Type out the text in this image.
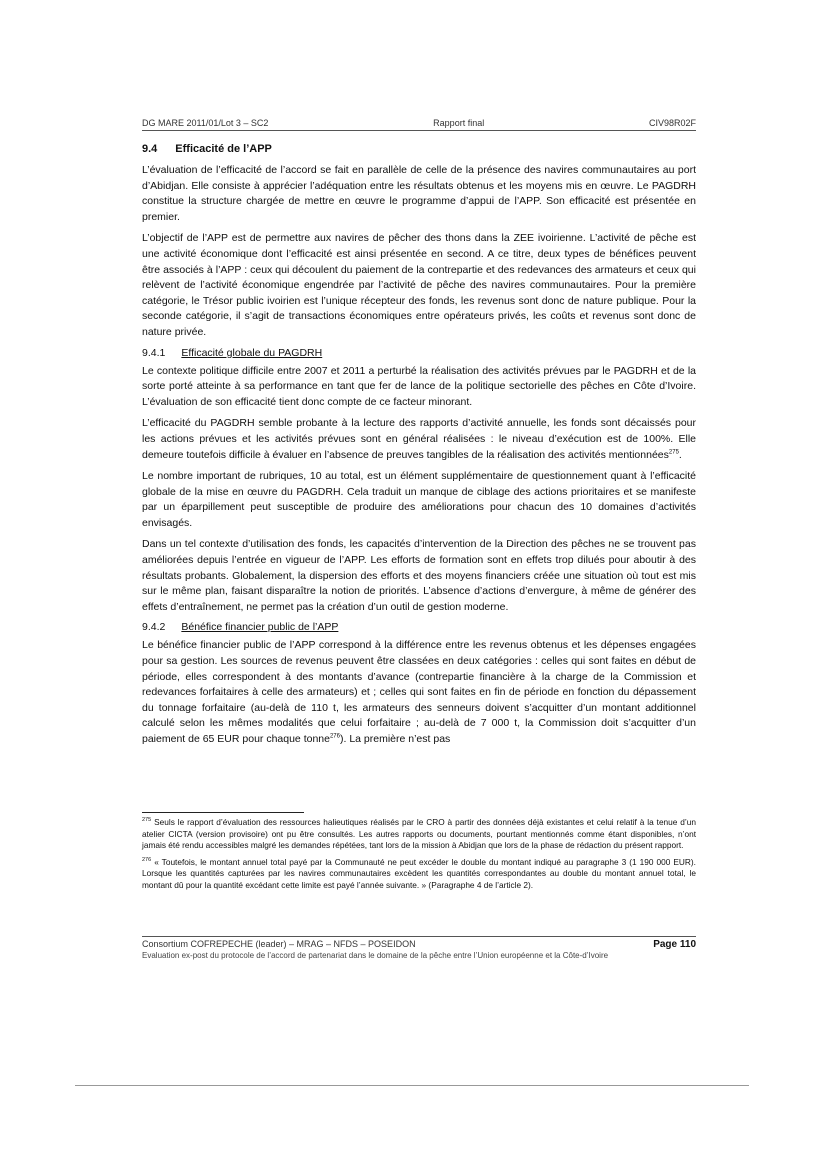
DG MARE 2011/01/Lot 3 – SC2	Rapport final	CIV98R02F
9.4 Efficacité de l’APP

L’évaluation de l’efficacité de l’accord se fait en parallèle de celle de la présence des navires communautaires au port d’Abidjan. Elle consiste à apprécier l’adéquation entre les résultats obtenus et les moyens mis en œuvre. Le PAGDRH constitue la structure chargée de mettre en œuvre le programme d’appui de l’APP. Son efficacité est présentée en premier.

L’objectif de l’APP est de permettre aux navires de pêcher des thons dans la ZEE ivoirienne. L’activité de pêche est une activité économique dont l’efficacité est ainsi présentée en second. A ce titre, deux types de bénéfices peuvent être associés à l’APP : ceux qui découlent du paiement de la contrepartie et des redevances des armateurs et ceux qui relèvent de l’activité économique engendrée par l’activité de pêche des navires communautaires. Pour la première catégorie, le Trésor public ivoirien est l’unique récepteur des fonds, les revenus sont donc de nature publique. Pour la seconde catégorie, il s’agit de transactions économiques entre opérateurs privés, les coûts et revenus sont donc de nature privée.

9.4.1 Efficacité globale du PAGDRH

Le contexte politique difficile entre 2007 et 2011 a perturbé la réalisation des activités prévues par le PAGDRH et de la sorte porté atteinte à sa performance en tant que fer de lance de la politique sectorielle des pêches en Côte d’Ivoire. L’évaluation de son efficacité tient donc compte de ce facteur minorant.

L’efficacité du PAGDRH semble probante à la lecture des rapports d’activité annuelle, les fonds sont décaissés pour les actions prévues et les activités prévues sont en général réalisées : le niveau d’exécution est de 100%. Elle demeure toutefois difficile à évaluer en l’absence de preuves tangibles de la réalisation des activités mentionnées$^{275}$.

Le nombre important de rubriques, 10 au total, est un élément supplémentaire de questionnement quant à l’efficacité globale de la mise en œuvre du PAGDRH. Cela traduit un manque de ciblage des actions prioritaires et se manifeste par un éparpillement peut susceptible de produire des améliorations pour chacun des 10 domaines d’activités envisagés.

Dans un tel contexte d’utilisation des fonds, les capacités d’intervention de la Direction des pêches ne se trouvent pas améliorées depuis l’entrée en vigueur de l’APP. Les efforts de formation sont en effets trop dilués pour aboutir à des résultats probants. Globalement, la dispersion des efforts et des moyens financiers créée une situation où tout est mis sur le même plan, faisant disparaître la notion de priorités. L’absence d’actions d’envergure, à même de générer des effets d’entraînement, ne permet pas la création d’un outil de gestion moderne.

9.4.2 Bénéfice financier public de l’APP

Le bénéfice financier public de l’APP correspond à la différence entre les revenus obtenus et les dépenses engagées pour sa gestion. Les sources de revenus peuvent être classées en deux catégories : celles qui sont faites en début de période, elles correspondent à des montants d’avance (contrepartie financière à la charge de la Commission et redevances forfaitaires à celle des armateurs) et ; celles qui sont faites en fin de période en fonction du dépassement du tonnage forfaitaire (au-delà de 110 t, les armateurs des senneurs doivent s’acquitter d’un montant additionnel calculé selon les mêmes modalités que celui forfaitaire ; au-delà de 7 000 t, la Commission doit s’acquitter d’un paiement de 65 EUR pour chaque tonne$^{276}$). La première n’est pas

$^{275}$ Seuls le rapport d’évaluation des ressources halieutiques réalisés par le CRO à partir des données déjà existantes et celui relatif à la tenue d’un atelier CICTA (version provisoire) ont pu être consultés. Les autres rapports ou documents, pourtant mentionnés comme étant disponibles, n’ont jamais été rendu accessibles malgré les demandes répétées, tant lors de la mission à Abidjan que lors de la phase de rédaction du présent rapport.

$^{276}$ « Toutefois, le montant annuel total payé par la Communauté ne peut excéder le double du montant indiqué au paragraphe 3 (1 190 000 EUR). Lorsque les quantités capturées par les navires communautaires excèdent les quantités correspondantes au double du montant annuel total, le montant dû pour la quantité excédant cette limite est payé l’année suivante. » (Paragraphe 4 de l’article 2).

Consortium COFREPECHE (leader) – MRAG – NFDS – POSEIDON	Page 110
Evaluation ex-post du protocole de l’accord de partenariat dans le domaine de la pêche entre l’Union européenne et la Côte-d’Ivoire
